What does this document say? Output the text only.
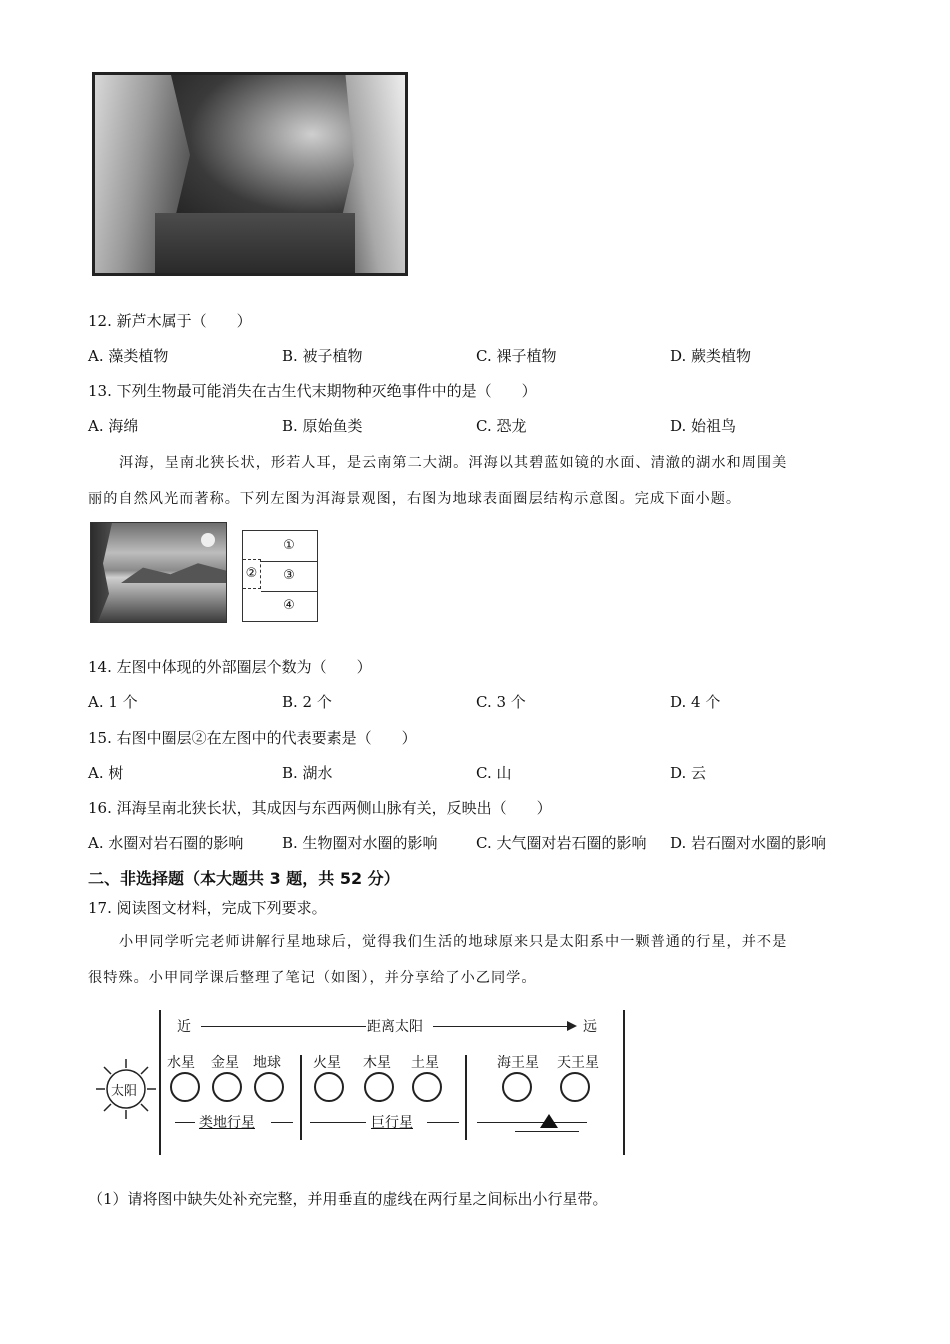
12. 新芦木属于（　　）
A. 藻类植物	B. 被子植物	C. 裸子植物	D. 蕨类植物
13. 下列生物最可能消失在古生代末期物种灭绝事件中的是（　　）
A. 海绵	B. 原始鱼类	C. 恐龙	D. 始祖鸟
洱海，呈南北狭长状，形若人耳，是云南第二大湖。洱海以其碧蓝如镜的水面、清澈的湖水和周围美
丽的自然风光而著称。下列左图为洱海景观图，右图为地球表面圈层结构示意图。完成下面小题。
①
③
④
②
14. 左图中体现的外部圈层个数为（　　）
A. 1 个	B. 2 个	C. 3 个	D. 4 个
15. 右图中圈层②在左图中的代表要素是（　　）
A. 树	B. 湖水	C. 山	D. 云
16. 洱海呈南北狭长状，其成因与东西两侧山脉有关，反映出（　　）
A. 水圈对岩石圈的影响	B. 生物圈对水圈的影响	C. 大气圈对岩石圈的影响 D. 岩石圈对水圈的影响
二、非选择题（本大题共 3 题，共 52 分）
17. 阅读图文材料，完成下列要求。
小甲同学听完老师讲解行星地球后，觉得我们生活的地球原来只是太阳系中一颗普通的行星，并不是
很特殊。小甲同学课后整理了笔记（如图），并分享给了小乙同学。
太阳
近	距离太阳	远
水星 金星 地球 火星 木星 土星	海王星 天王星
类地行星	巨行星
（1）请将图中缺失处补充完整，并用垂直的虚线在两行星之间标出小行星带。
